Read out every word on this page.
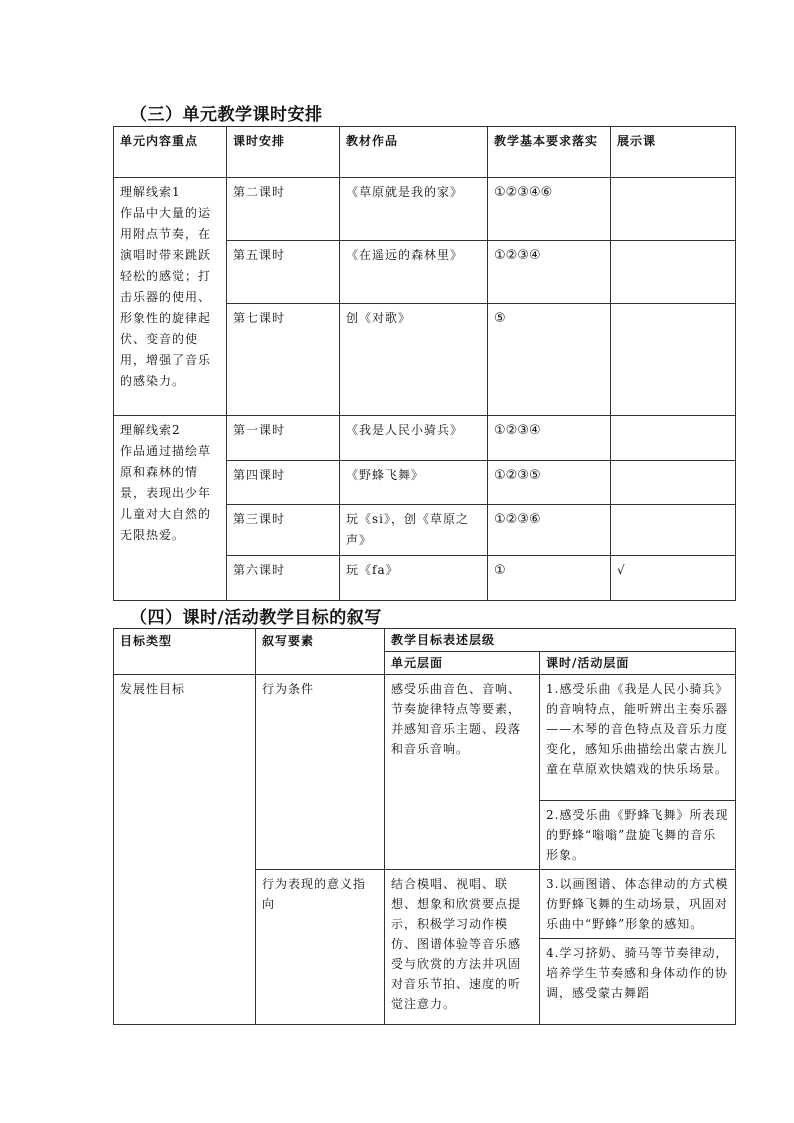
（三）单元教学课时安排
单元内容重点	课时安排	教材作品	教学基本要求落实	展示课
理解线索1
作品中大量的运用附点节奏，在演唱时带来跳跃轻松的感觉；打击乐器的使用、形象性的旋律起伏、变音的使用，增强了音乐的感染力。	第二课时	《草原就是我的家》	①②③④⑥	
	第五课时	《在遥远的森林里》	①②③④	
	第七课时	创《对歌》	⑤	
理解线索2
作品通过描绘草原和森林的情景，表现出少年儿童对大自然的无限热爱。	第一课时	《我是人民小骑兵》	①②③④	
	第四课时	《野蜂飞舞》	①②③⑤	
	第三课时	玩《si》，创《草原之声》	①②③⑥	
	第六课时	玩《fa》	①	√
（四）课时/活动教学目标的叙写
目标类型	叙写要素	教学目标表述层级	
		单元层面	课时/活动层面
发展性目标	行为条件	感受乐曲音色、音响、节奏旋律特点等要素，并感知音乐主题、段落和音乐音响。	1.感受乐曲《我是人民小骑兵》的音响特点，能听辨出主奏乐器——木琴的音色特点及音乐力度变化，感知乐曲描绘出蒙古族儿童在草原欢快嬉戏的快乐场景。
			2.感受乐曲《野蜂飞舞》所表现的野蜂“嗡嗡”盘旋飞舞的音乐形象。
	行为表现的意义指向	结合模唱、视唱、联想、想象和欣赏要点提示，积极学习动作模仿、图谱体验等音乐感受与欣赏的方法并巩固对音乐节拍、速度的听觉注意力。	3.以画图谱、体态律动的方式模仿野蜂飞舞的生动场景，巩固对乐曲中“野蜂”形象的感知。
			4.学习挤奶、骑马等节奏律动，培养学生节奏感和身体动作的协调，感受蒙古舞蹈
